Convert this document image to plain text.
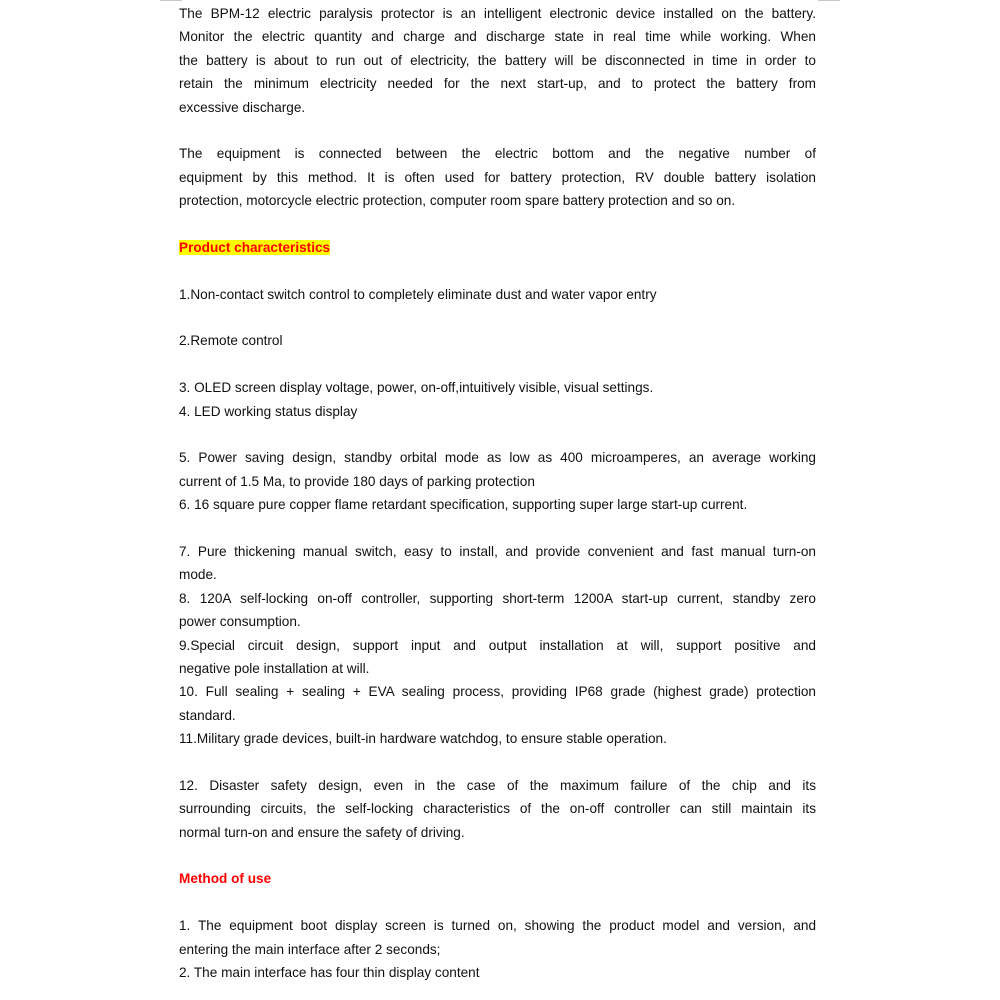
The BPM-12 electric paralysis protector is an intelligent electronic device installed on the battery.
Monitor the electric quantity and charge and discharge state in real time while working. When
the battery is about to run out of electricity, the battery will be disconnected in time in order to
retain the minimum electricity needed for the next start-up, and to protect the battery from
excessive discharge.
The equipment is connected between the electric bottom and the negative number of
equipment by this method. It is often used for battery protection, RV double battery isolation
protection, motorcycle electric protection, computer room spare battery protection and so on.
Product characteristics
1.Non-contact switch control to completely eliminate dust and water vapor entry
2.Remote control
3. OLED screen display voltage, power, on-off,intuitively visible, visual settings.
4. LED working status display
5. Power saving design, standby orbital mode as low as 400 microamperes, an average working
current of 1.5 Ma, to provide 180 days of parking protection
6. 16 square pure copper flame retardant specification, supporting super large start-up current.
7. Pure thickening manual switch, easy to install, and provide convenient and fast manual turn-on
mode.
8. 120A self-locking on-off controller, supporting short-term 1200A start-up current, standby zero
power consumption.
9.Special circuit design, support input and output installation at will, support positive and
negative pole installation at will.
10. Full sealing + sealing + EVA sealing process, providing IP68 grade (highest grade) protection
standard.
11.Military grade devices, built-in hardware watchdog, to ensure stable operation.
12. Disaster safety design, even in the case of the maximum failure of the chip and its
surrounding circuits, the self-locking characteristics of the on-off controller can still maintain its
normal turn-on and ensure the safety of driving.
Method of use
1. The equipment boot display screen is turned on, showing the product model and version, and
entering the main interface after 2 seconds;
2. The main interface has four thin display content
